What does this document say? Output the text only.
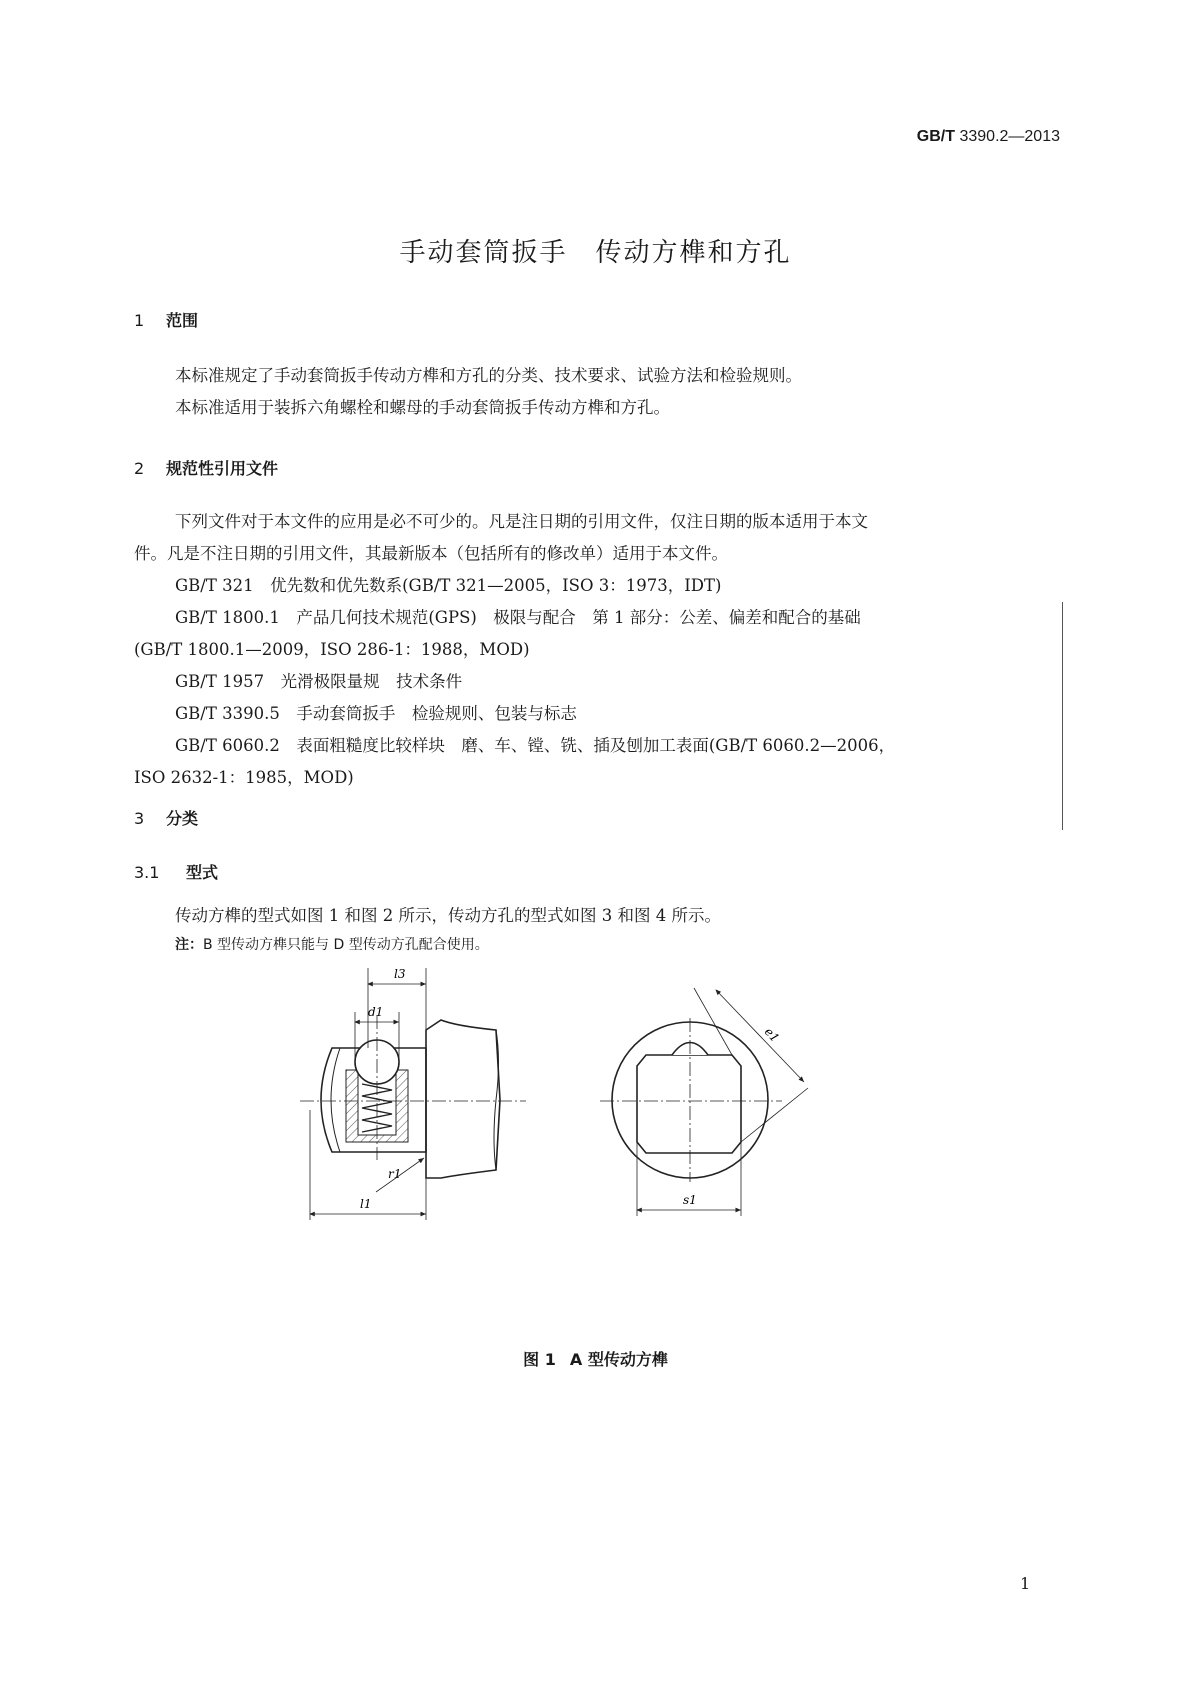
GB/T 3390.2—2013
手动套筒扳手　传动方榫和方孔
1 范围
本标准规定了手动套筒扳手传动方榫和方孔的分类、技术要求、试验方法和检验规则。
本标准适用于装拆六角螺栓和螺母的手动套筒扳手传动方榫和方孔。
2 规范性引用文件
下列文件对于本文件的应用是必不可少的。凡是注日期的引用文件，仅注日期的版本适用于本文
件。凡是不注日期的引用文件，其最新版本（包括所有的修改单）适用于本文件。
GB/T 321　优先数和优先数系(GB/T 321—2005，ISO 3：1973，IDT)
GB/T 1800.1　产品几何技术规范(GPS)　极限与配合　第 1 部分：公差、偏差和配合的基础
(GB/T 1800.1—2009，ISO 286-1：1988，MOD)
GB/T 1957　光滑极限量规　技术条件
GB/T 3390.5　手动套筒扳手　检验规则、包装与标志
GB/T 6060.2　表面粗糙度比较样块　磨、车、镗、铣、插及刨加工表面(GB/T 6060.2—2006，
ISO 2632-1：1985，MOD)
3 分类
3.1 型式
传动方榫的型式如图 1 和图 2 所示，传动方孔的型式如图 3 和图 4 所示。
注：B 型传动方榫只能与 D 型传动方孔配合使用。
l3
d1
r1
l1
e1
s1
图 1 A 型传动方榫
1
